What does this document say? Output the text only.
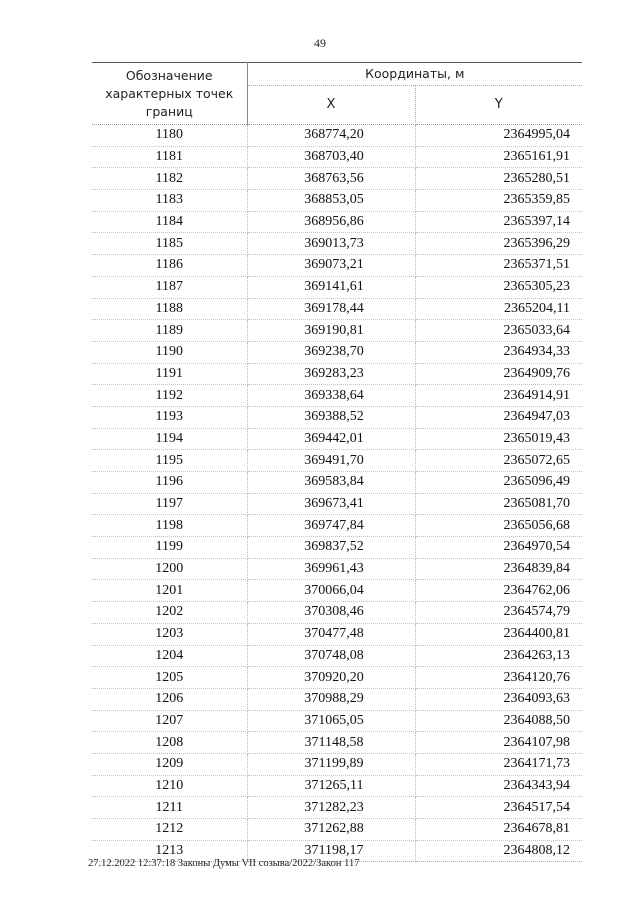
49
Обозначение характерных точек границ	Координаты, м	
	X	Y
1180	368774,20	2364995,04
1181	368703,40	2365161,91
1182	368763,56	2365280,51
1183	368853,05	2365359,85
1184	368956,86	2365397,14
1185	369013,73	2365396,29
1186	369073,21	2365371,51
1187	369141,61	2365305,23
1188	369178,44	2365204,11
1189	369190,81	2365033,64
1190	369238,70	2364934,33
1191	369283,23	2364909,76
1192	369338,64	2364914,91
1193	369388,52	2364947,03
1194	369442,01	2365019,43
1195	369491,70	2365072,65
1196	369583,84	2365096,49
1197	369673,41	2365081,70
1198	369747,84	2365056,68
1199	369837,52	2364970,54
1200	369961,43	2364839,84
1201	370066,04	2364762,06
1202	370308,46	2364574,79
1203	370477,48	2364400,81
1204	370748,08	2364263,13
1205	370920,20	2364120,76
1206	370988,29	2364093,63
1207	371065,05	2364088,50
1208	371148,58	2364107,98
1209	371199,89	2364171,73
1210	371265,11	2364343,94
1211	371282,23	2364517,54
1212	371262,88	2364678,81
1213	371198,17	2364808,12
27.12.2022 12:37:18 Законы Думы VII созыва/2022/Закон 117
